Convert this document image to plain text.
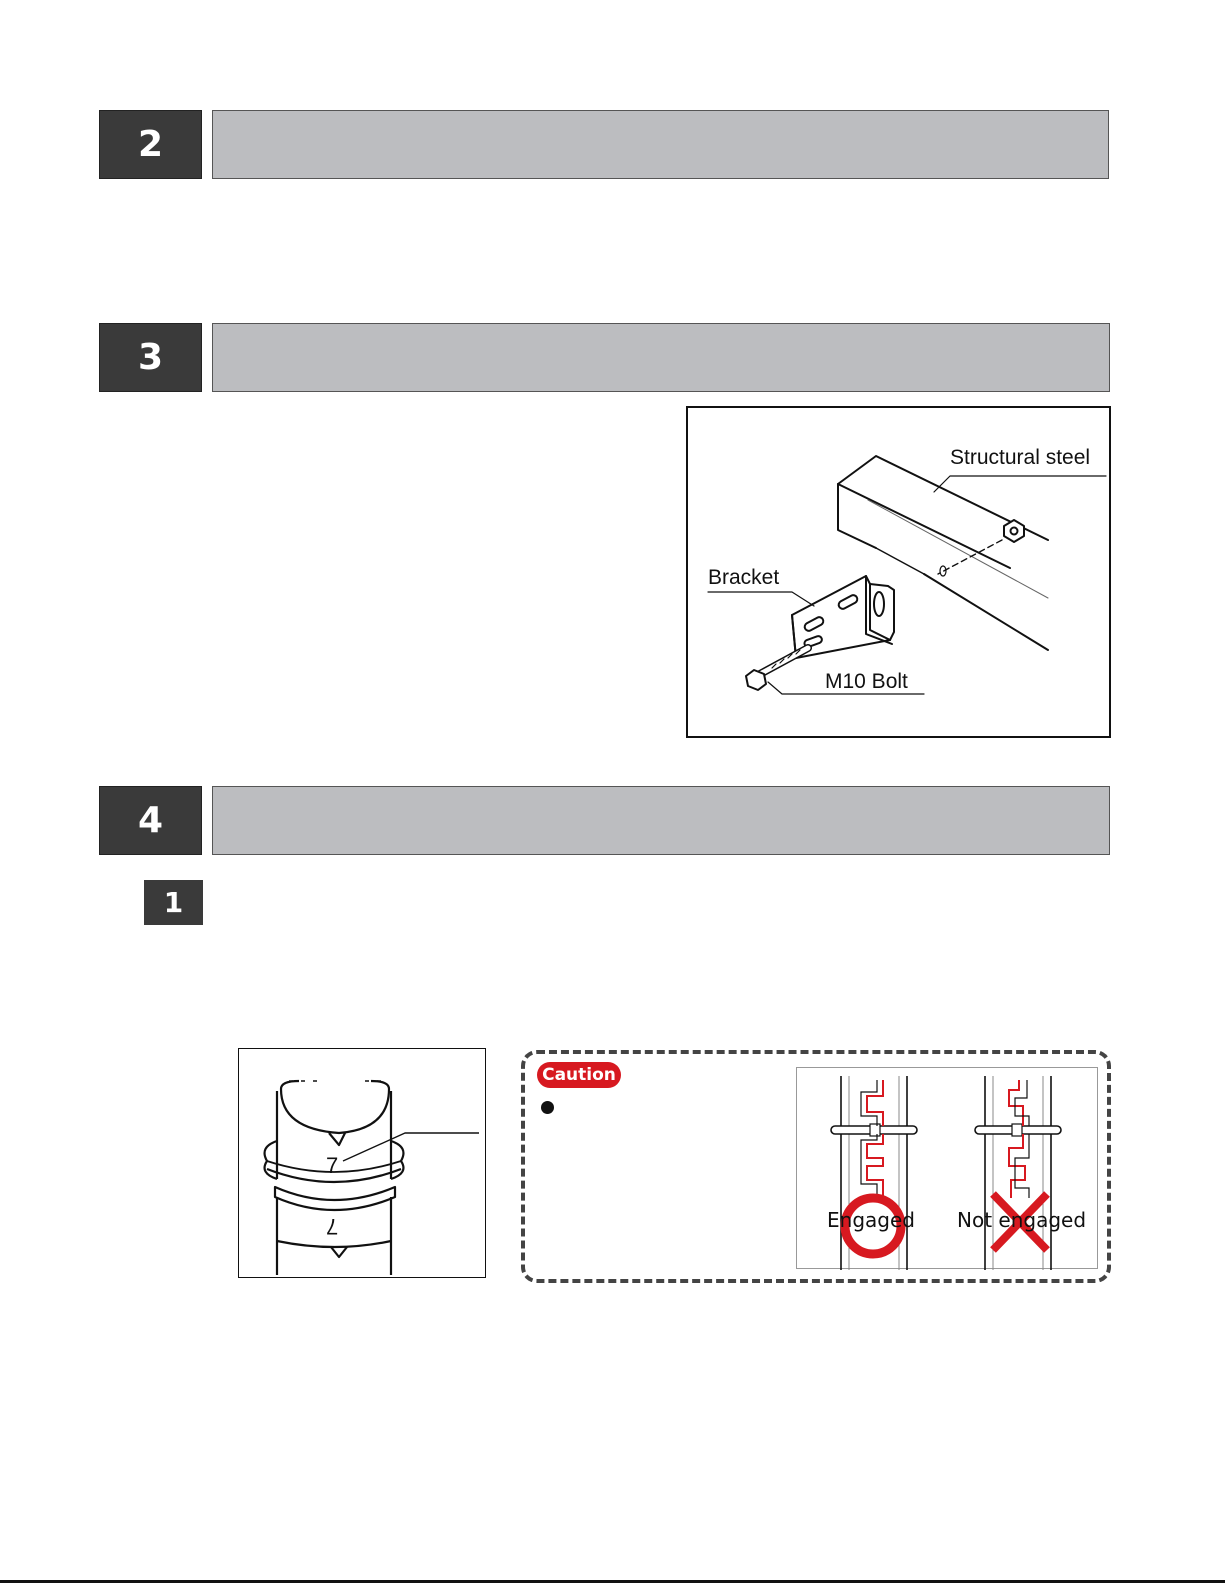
2
3
Structural steel
Bracket
M10 Bolt
4
1
7
7
Caution
Engaged Not engaged
